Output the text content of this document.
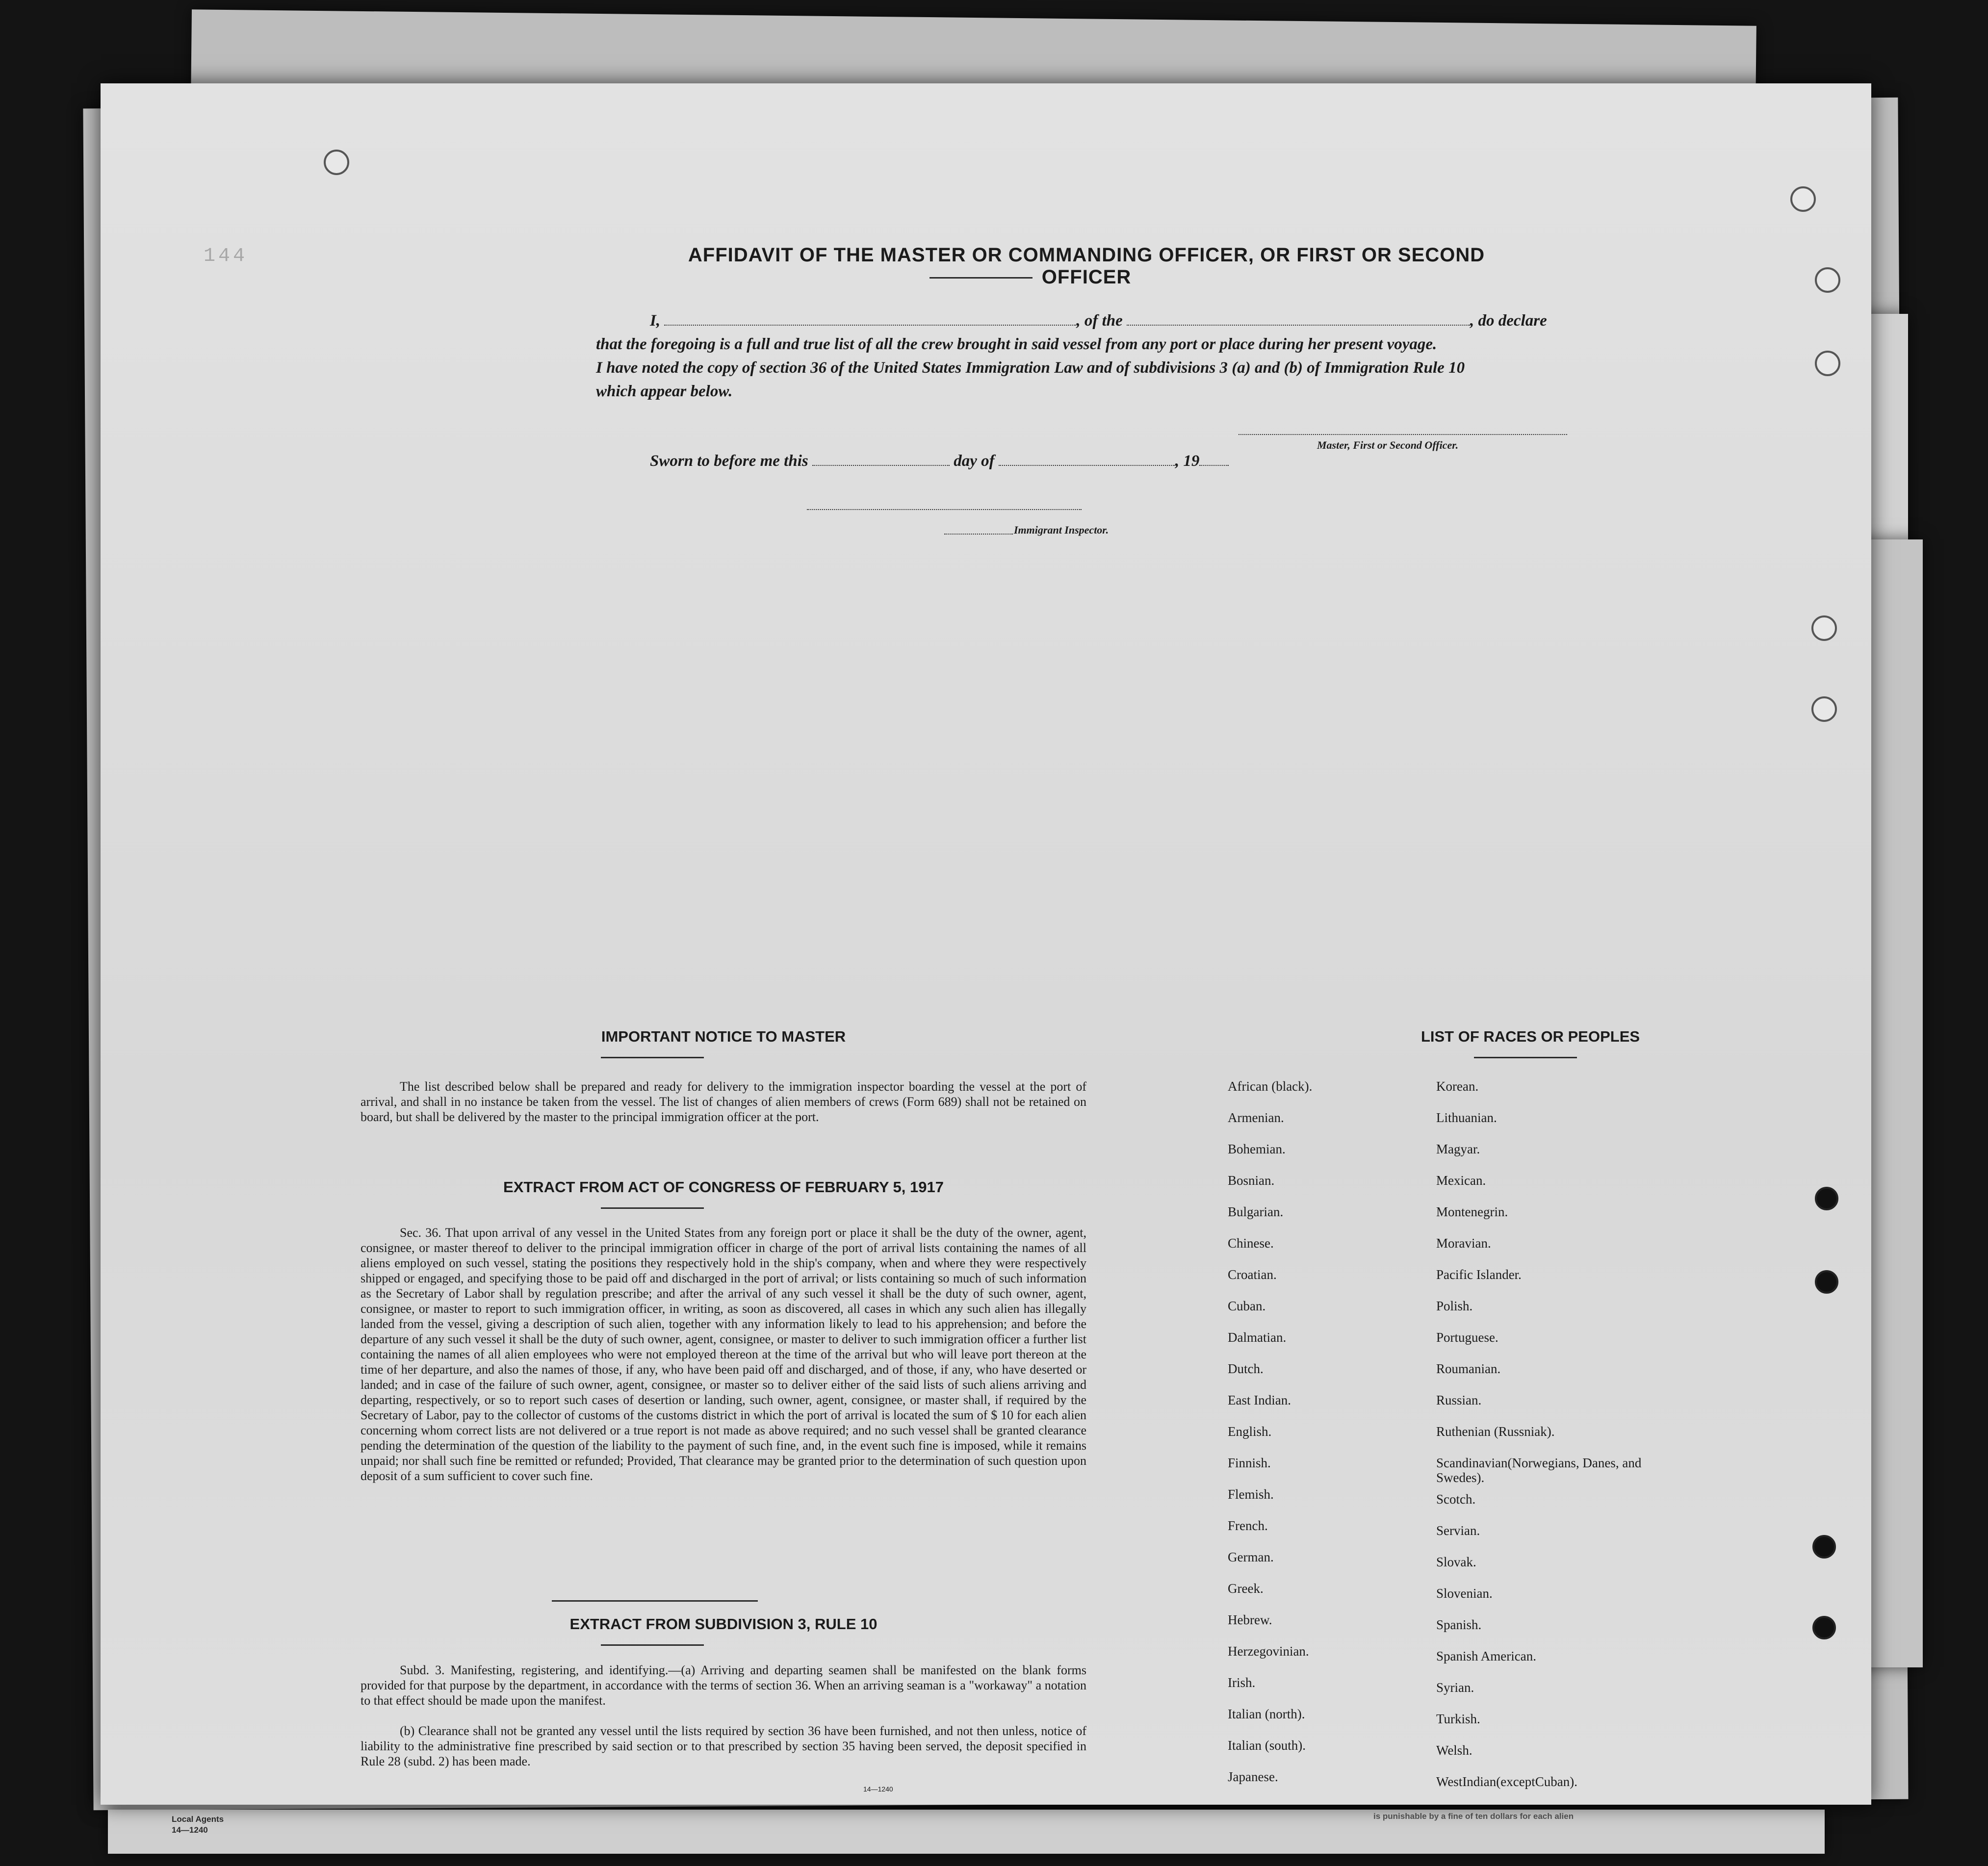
Local Agents
14—1240
is punishable by a fine of ten dollars for each alien
144	AFFIDAVIT OF THE MASTER OR COMMANDING OFFICER, OR FIRST OR SECOND OFFICER
I,	, of the	, do declare
that the foregoing is a full and true list of all the crew brought in said vessel from any port or place during her present voyage.
I have noted the copy of section 36 of the United States Immigration Law and of subdivisions 3 (a) and (b) of Immigration Rule 10
which appear below.
Master, First or Second Officer.
Sworn to before me this	day of	, 19
Immigrant Inspector.
IMPORTANT NOTICE TO MASTER
The list described below shall be prepared and ready for delivery to the immigration inspector boarding the vessel at the port of arrival, and shall in no instance be taken from the vessel. The list of changes of alien members of crews (Form 689) shall not be retained on board, but shall be delivered by the master to the principal immigration officer at the port.
EXTRACT FROM ACT OF CONGRESS OF FEBRUARY 5, 1917
Sec. 36. That upon arrival of any vessel in the United States from any foreign port or place it shall be the duty of the owner, agent, consignee, or master thereof to deliver to the principal immigration officer in charge of the port of arrival lists containing the names of all aliens employed on such vessel, stating the positions they respectively hold in the ship's company, when and where they were respectively shipped or engaged, and specifying those to be paid off and discharged in the port of arrival; or lists containing so much of such information as the Secretary of Labor shall by regulation prescribe; and after the arrival of any such vessel it shall be the duty of such owner, agent, consignee, or master to report to such immigration officer, in writing, as soon as discovered, all cases in which any such alien has illegally landed from the vessel, giving a description of such alien, together with any information likely to lead to his apprehension; and before the departure of any such vessel it shall be the duty of such owner, agent, consignee, or master to deliver to such immigration officer a further list containing the names of all alien employees who were not employed thereon at the time of the arrival but who will leave port thereon at the time of her departure, and also the names of those, if any, who have been paid off and discharged, and of those, if any, who have deserted or landed; and in case of the failure of such owner, agent, consignee, or master so to deliver either of the said lists of such aliens arriving and departing, respectively, or so to report such cases of desertion or landing, such owner, agent, consignee, or master shall, if required by the Secretary of Labor, pay to the collector of customs of the customs district in which the port of arrival is located the sum of $ 10 for each alien concerning whom correct lists are not delivered or a true report is not made as above required; and no such vessel shall be granted clearance pending the determination of the question of the liability to the payment of such fine, and, in the event such fine is imposed, while it remains unpaid; nor shall such fine be remitted or refunded; Provided, That clearance may be granted prior to the determination of such question upon deposit of a sum sufficient to cover such fine.
EXTRACT FROM SUBDIVISION 3, RULE 10
Subd. 3. Manifesting, registering, and identifying.—(a) Arriving and departing seamen shall be manifested on the blank forms provided for that purpose by the department, in accordance with the terms of section 36. When an arriving seaman is a "workaway" a notation to that effect should be made upon the manifest.
(b) Clearance shall not be granted any vessel until the lists required by section 36 have been furnished, and not then unless, notice of liability to the administrative fine prescribed by said section or to that prescribed by section 35 having been served, the deposit specified in Rule 28 (subd. 2) has been made.
14—1240
LIST OF RACES OR PEOPLES
African (black).
Armenian.
Bohemian.
Bosnian.
Bulgarian.
Chinese.
Croatian.
Cuban.
Dalmatian.
Dutch.
East Indian.
English.
Finnish.
Flemish.
French.
German.
Greek.
Hebrew.
Herzegovinian.
Irish.
Italian (north).
Italian (south).
Japanese.
Korean.
Lithuanian.
Magyar.
Mexican.
Montenegrin.
Moravian.
Pacific Islander.
Polish.
Portuguese.
Roumanian.
Russian.
Ruthenian (Russniak).
Scandinavian(Norwegians, Danes, and Swedes).
Scotch.
Servian.
Slovak.
Slovenian.
Spanish.
Spanish American.
Syrian.
Turkish.
Welsh.
WestIndian(exceptCuban).
